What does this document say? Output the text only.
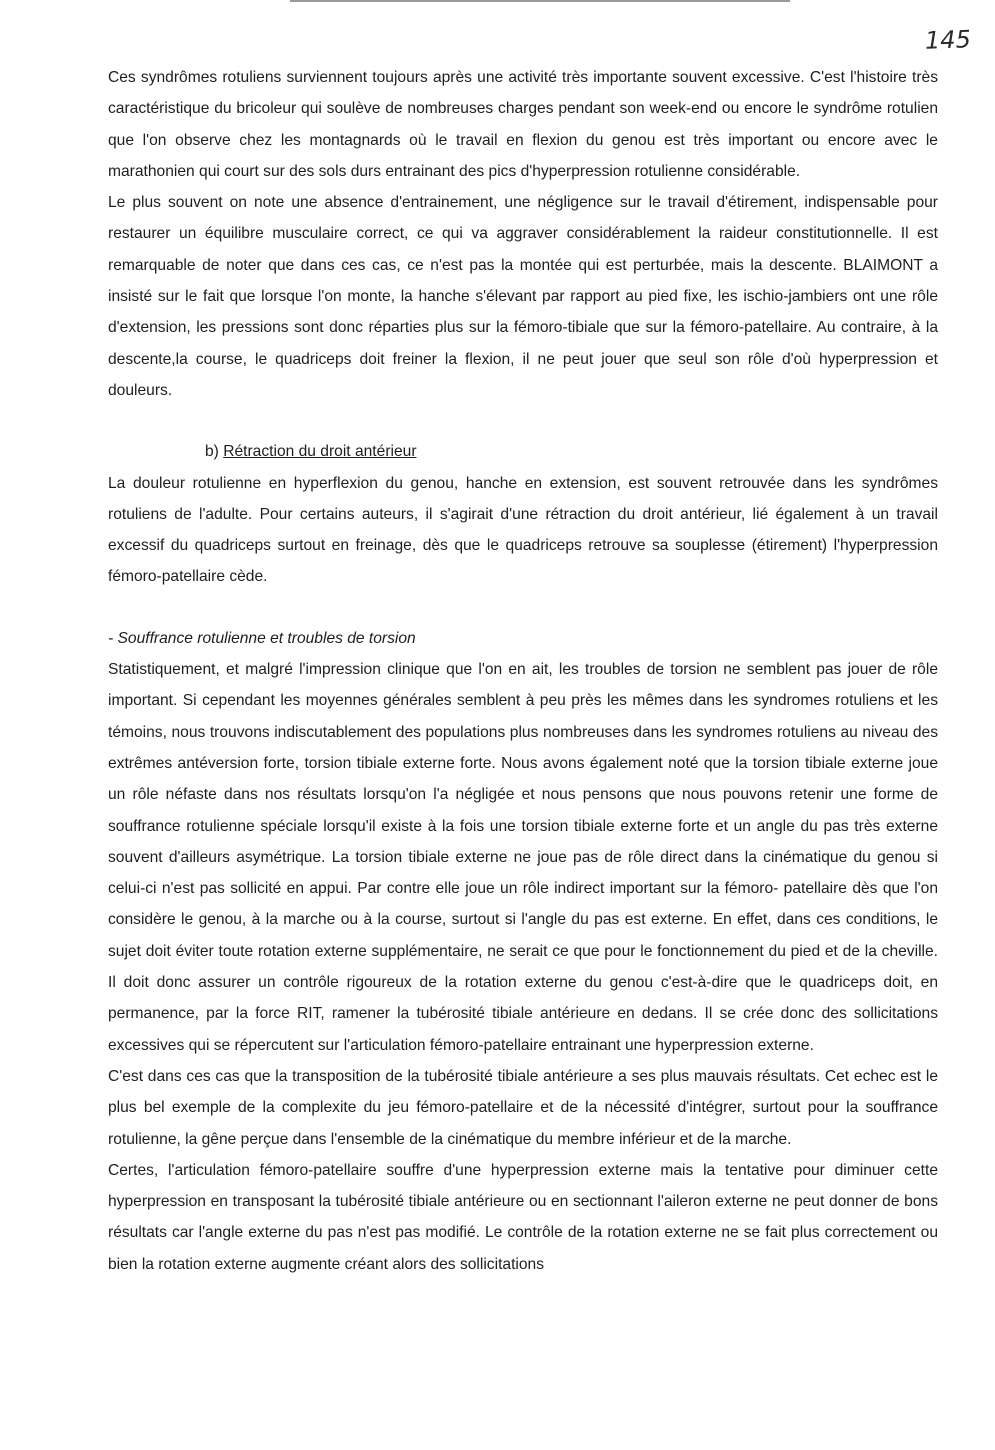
145

Ces syndrômes rotuliens surviennent toujours après une activité très importante souvent excessive. C'est l'histoire très caractéristique du bricoleur qui soulève de nombreuses charges pendant son week-end ou encore le syndrôme rotulien que l'on observe chez les montagnards où le travail en flexion du genou est très important ou encore avec le marathonien qui court sur des sols durs entrainant des pics d'hyperpression rotulienne considérable.

Le plus souvent on note une absence d'entrainement, une négligence sur le travail d'étirement, indispensable pour restaurer un équilibre musculaire correct, ce qui va aggraver considérablement la raideur constitutionnelle. Il est remarquable de noter que dans ces cas, ce n'est pas la montée qui est perturbée, mais la descente. BLAIMONT a insisté sur le fait que lorsque l'on monte, la hanche s'élevant par rapport au pied fixe, les ischio-jambiers ont une rôle d'extension, les pressions sont donc réparties plus sur la fémoro-tibiale que sur la fémoro-patellaire. Au contraire, à la descente,la course, le quadriceps doit freiner la flexion, il ne peut jouer que seul son rôle d'où hyperpression et douleurs.

b) Rétraction du droit antérieur

La douleur rotulienne en hyperflexion du genou, hanche en extension, est souvent retrouvée dans les syndrômes rotuliens de l'adulte. Pour certains auteurs, il s'agirait d'une rétraction du droit antérieur, lié également à un travail excessif du quadriceps surtout en freinage, dès que le quadriceps retrouve sa souplesse (étirement) l'hyperpression fémoro-patellaire cède.

- Souffrance rotulienne et troubles de torsion

Statistiquement, et malgré l'impression clinique que l'on en ait, les troubles de torsion ne semblent pas jouer de rôle important. Si cependant les moyennes générales semblent à peu près les mêmes dans les syndromes rotuliens et les témoins, nous trouvons indiscutablement des populations plus nombreuses dans les syndromes rotuliens au niveau des extrêmes antéversion forte, torsion tibiale externe forte. Nous avons également noté que la torsion tibiale externe joue un rôle néfaste dans nos résultats lorsqu'on l'a négligée et nous pensons que nous pouvons retenir une forme de souffrance rotulienne spéciale lorsqu'il existe à la fois une torsion tibiale externe forte et un angle du pas très externe souvent d'ailleurs asymétrique. La torsion tibiale externe ne joue pas de rôle direct dans la cinématique du genou si celui-ci n'est pas sollicité en appui. Par contre elle joue un rôle indirect important sur la fémoro- patellaire dès que l'on considère le genou, à la marche ou à la course, surtout si l'angle du pas est externe. En effet, dans ces conditions, le sujet doit éviter toute rotation externe supplémentaire, ne serait ce que pour le fonctionnement du pied et de la cheville. Il doit donc assurer un contrôle rigoureux de la rotation externe du genou c'est-à-dire que le quadriceps doit, en permanence, par la force RIT, ramener la tubérosité tibiale antérieure en dedans. Il se crée donc des sollicitations excessives qui se répercutent sur l'articulation fémoro-patellaire entrainant une hyperpression externe.

C'est dans ces cas que la transposition de la tubérosité tibiale antérieure a ses plus mauvais résultats. Cet echec est le plus bel exemple de la complexite du jeu fémoro-patellaire et de la nécessité d'intégrer, surtout pour la souffrance rotulienne, la gêne perçue dans l'ensemble de la cinématique du membre inférieur et de la marche.

Certes, l'articulation fémoro-patellaire souffre d'une hyperpression externe mais la tentative pour diminuer cette hyperpression en transposant la tubérosité tibiale antérieure ou en sectionnant l'aileron externe ne peut donner de bons résultats car l'angle externe du pas n'est pas modifié. Le contrôle de la rotation externe ne se fait plus correctement ou bien la rotation externe augmente créant alors des sollicitations
